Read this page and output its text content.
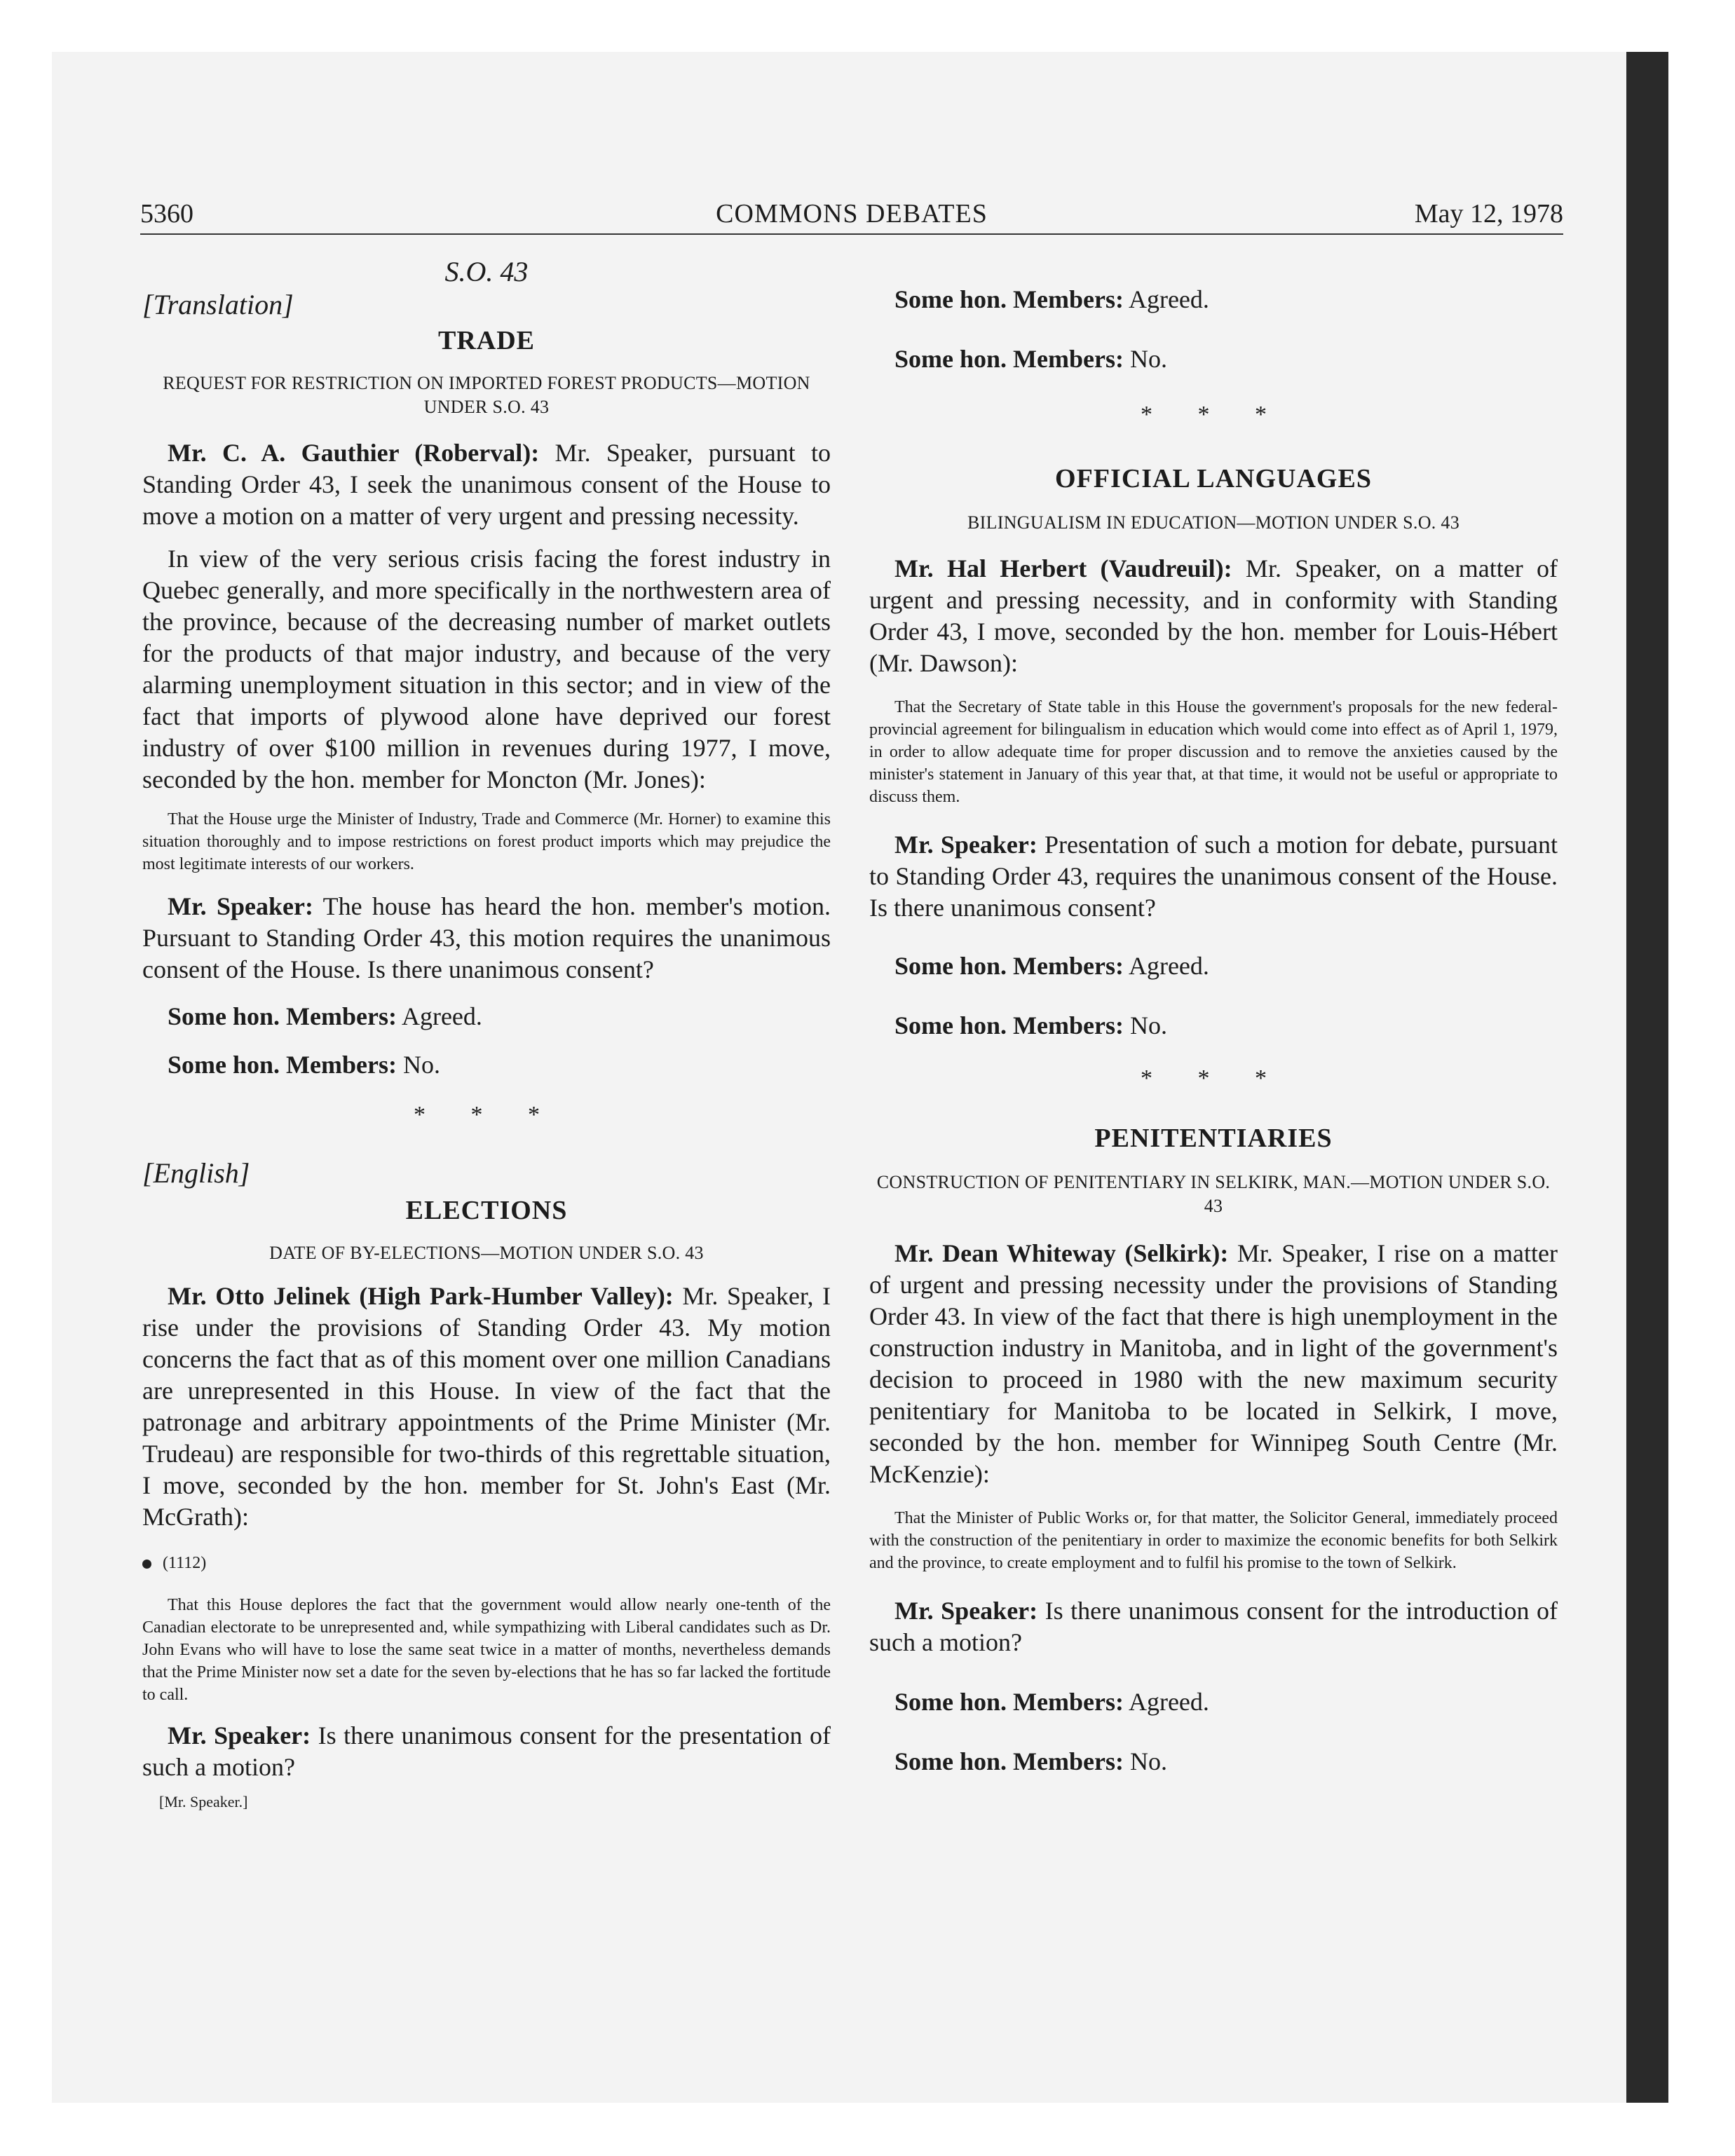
5360	COMMONS DEBATES	May 12, 1978

S.O. 43

[Translation]

TRADE

REQUEST FOR RESTRICTION ON IMPORTED FOREST PRODUCTS—MOTION UNDER S.O. 43

Mr. C. A. Gauthier (Roberval): Mr. Speaker, pursuant to Standing Order 43, I seek the unanimous consent of the House to move a motion on a matter of very urgent and pressing necessity.

In view of the very serious crisis facing the forest industry in Quebec generally, and more specifically in the northwestern area of the province, because of the decreasing number of market outlets for the products of that major industry, and because of the very alarming unemployment situation in this sector; and in view of the fact that imports of plywood alone have deprived our forest industry of over $100 million in revenues during 1977, I move, seconded by the hon. member for Moncton (Mr. Jones):

That the House urge the Minister of Industry, Trade and Commerce (Mr. Horner) to examine this situation thoroughly and to impose restrictions on forest product imports which may prejudice the most legitimate interests of our workers.

Mr. Speaker: The house has heard the hon. member's motion. Pursuant to Standing Order 43, this motion requires the unanimous consent of the House. Is there unanimous consent?

Some hon. Members: Agreed.

Some hon. Members: No.

* * *

[English]

ELECTIONS

DATE OF BY-ELECTIONS—MOTION UNDER S.O. 43

Mr. Otto Jelinek (High Park-Humber Valley): Mr. Speaker, I rise under the provisions of Standing Order 43. My motion concerns the fact that as of this moment over one million Canadians are unrepresented in this House. In view of the fact that the patronage and arbitrary appointments of the Prime Minister (Mr. Trudeau) are responsible for two-thirds of this regrettable situation, I move, seconded by the hon. member for St. John's East (Mr. McGrath):

(1112)

That this House deplores the fact that the government would allow nearly one-tenth of the Canadian electorate to be unrepresented and, while sympathizing with Liberal candidates such as Dr. John Evans who will have to lose the same seat twice in a matter of months, nevertheless demands that the Prime Minister now set a date for the seven by-elections that he has so far lacked the fortitude to call.

Mr. Speaker: Is there unanimous consent for the presentation of such a motion?

[Mr. Speaker.]

Some hon. Members: Agreed.

Some hon. Members: No.

* * *

OFFICIAL LANGUAGES

BILINGUALISM IN EDUCATION—MOTION UNDER S.O. 43

Mr. Hal Herbert (Vaudreuil): Mr. Speaker, on a matter of urgent and pressing necessity, and in conformity with Standing Order 43, I move, seconded by the hon. member for Louis-Hébert (Mr. Dawson):

That the Secretary of State table in this House the government's proposals for the new federal-provincial agreement for bilingualism in education which would come into effect as of April 1, 1979, in order to allow adequate time for proper discussion and to remove the anxieties caused by the minister's statement in January of this year that, at that time, it would not be useful or appropriate to discuss them.

Mr. Speaker: Presentation of such a motion for debate, pursuant to Standing Order 43, requires the unanimous consent of the House. Is there unanimous consent?

Some hon. Members: Agreed.

Some hon. Members: No.

* * *

PENITENTIARIES

CONSTRUCTION OF PENITENTIARY IN SELKIRK, MAN.—MOTION UNDER S.O. 43

Mr. Dean Whiteway (Selkirk): Mr. Speaker, I rise on a matter of urgent and pressing necessity under the provisions of Standing Order 43. In view of the fact that there is high unemployment in the construction industry in Manitoba, and in light of the government's decision to proceed in 1980 with the new maximum security penitentiary for Manitoba to be located in Selkirk, I move, seconded by the hon. member for Winnipeg South Centre (Mr. McKenzie):

That the Minister of Public Works or, for that matter, the Solicitor General, immediately proceed with the construction of the penitentiary in order to maximize the economic benefits for both Selkirk and the province, to create employment and to fulfil his promise to the town of Selkirk.

Mr. Speaker: Is there unanimous consent for the introduction of such a motion?

Some hon. Members: Agreed.

Some hon. Members: No.
